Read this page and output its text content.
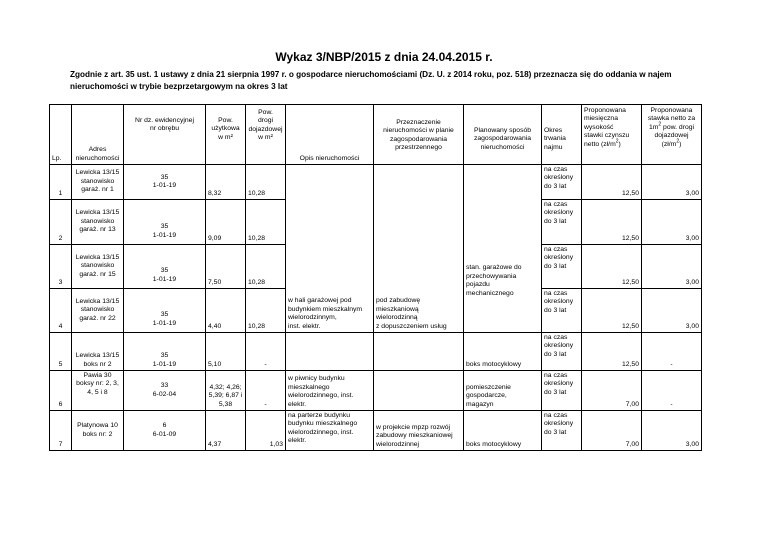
Wykaz 3/NBP/2015 z dnia 24.04.2015 r.
Zgodnie z art. 35 ust. 1 ustawy z dnia 21 sierpnia 1997 r. o gospodarce nieruchomościami (Dz. U. z 2014 roku, poz. 518) przeznacza się do oddania w najem nieruchomości w trybie bezprzetargowym na okres 3 lat
Lp.	Adres
nieruchomości	Nr dz. ewidencyjnej
nr obrębu	Pow.
użytkowa
w m²	Pow.
drogi
dojazdowej
w m²	Opis nieruchomości	Przeznaczenie
nieruchomości w planie
zagospodarowania
przestrzennego	Planowany sposób
zagospodarowania
nieruchomości	Okres
trwania
najmu	Proponowana
miesięczna
wysokość
stawki czynszu
netto $(zł/m^2)$	Proponowana
stawka netto za
$1m^2$ pow. drogi
dojazdowej
$(zł/m^2)$
1	Lewicka 13/15
stanowisko
garaż. nr 1	35
1-01-19	8,32	10,28	w hali garażowej pod
budynkiem mieszkalnym
wielorodzinnym,
inst. elektr.	pod zabudowę
mieszkaniową
wielorodzinną
z dopuszczeniem usług	stan. garażowe do
przechowywania
pojazdu
mechanicznego	na czas
określony
do 3 lat	12,50	3,00
2	Lewicka 13/15
stanowisko
garaż. nr 13	35
1-01-19	9,09	10,28				na czas
określony
do 3 lat	12,50	3,00
3	Lewicka 13/15
stanowisko
garaż. nr 15	35
1-01-19	7,50	10,28				na czas
określony
do 3 lat	12,50	3,00
4	Lewicka 13/15
stanowisko
garaż. nr 22	35
1-01-19	4,40	10,28				na czas
określony
do 3 lat	12,50	3,00
5	Lewicka 13/15
boks nr 2	35
1-01-19	5,10	-			boks motocyklowy	na czas
określony
do 3 lat	12,50	-
6	Pawia 30
boksy nr: 2, 3,
4, 5 i 8	33
6-02-04	4,32; 4,26;
5,39; 6,87 i
5,38	-	w piwnicy budynku
mieszkalnego
wielorodzinnego, inst.
elektr.		pomieszczenie
gospodarcze,
magazyn	na czas
określony
do 3 lat	7,00	-
7	Platynowa 10
boks nr: 2	6
6-01-09	4,37	1,03	na parterze budynku
budynku mieszkalnego
wielorodzinnego, inst.
elektr.	w projekcie mpzp rozwój
zabudowy mieszkaniowej
wielorodzinnej	boks motocyklowy	na czas
określony
do 3 lat	7,00	3,00
